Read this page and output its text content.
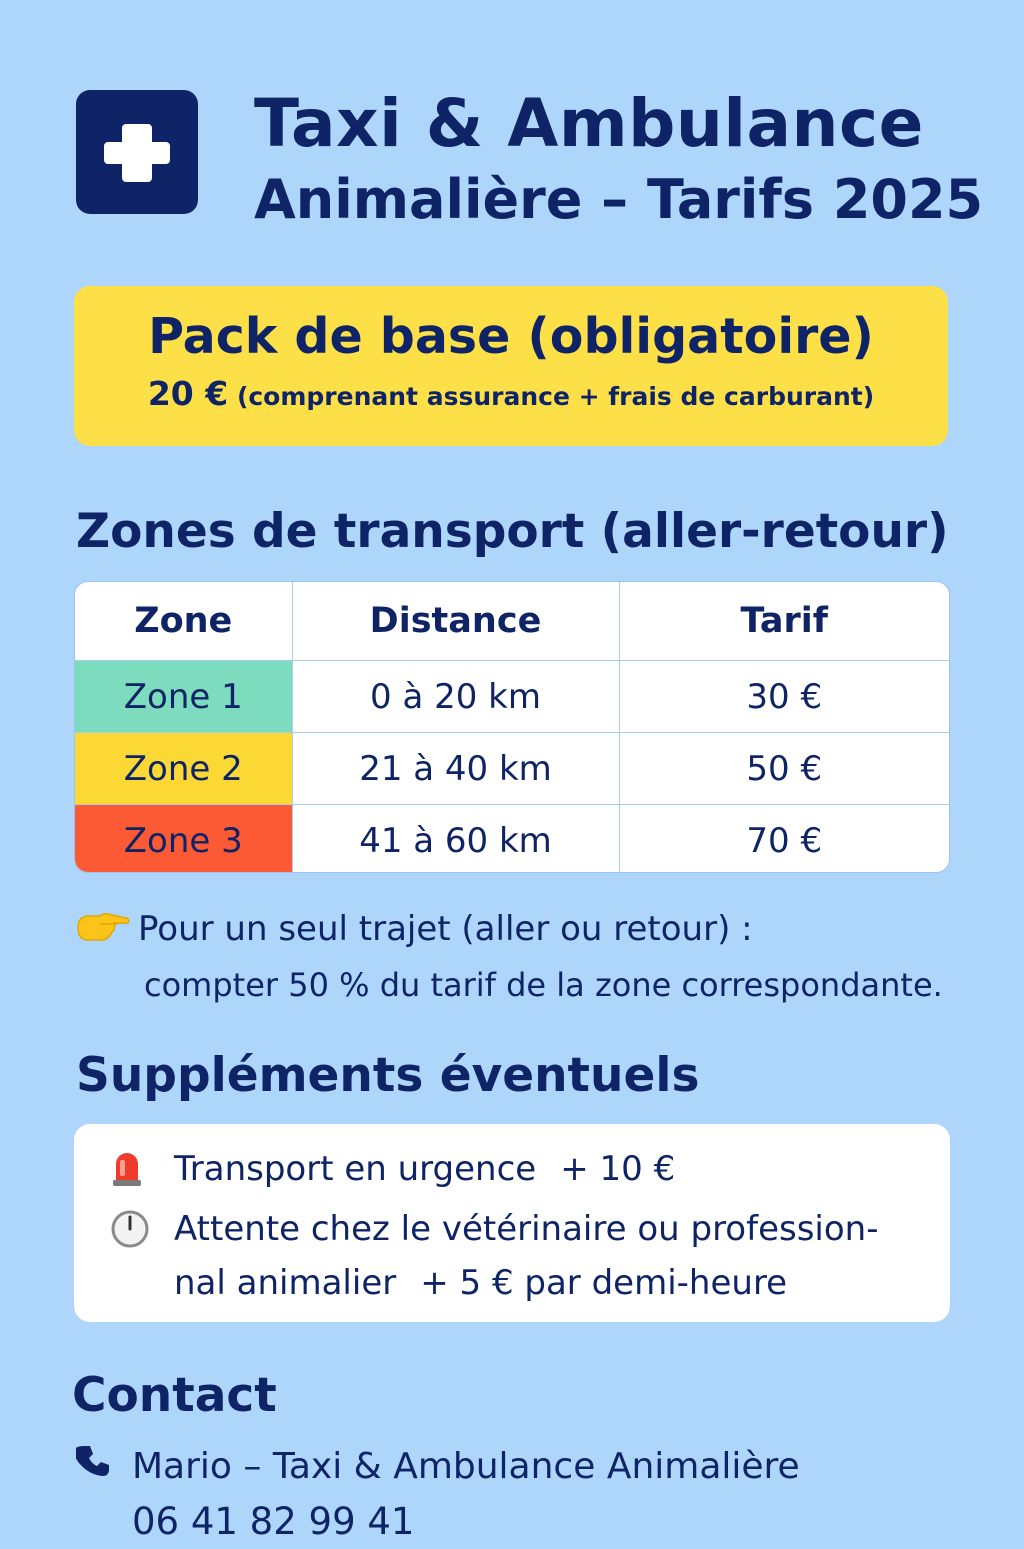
Taxi & Ambulance
Animalière – Tarifs 2025
Pack de base (obligatoire)
20 € (comprenant assurance + frais de carburant)
Zones de transport (aller-retour)
Zone	Distance	Tarif
Zone 1	0 à 20 km	30 €
Zone 2	21 à 40 km	50 €
Zone 3	41 à 60 km	70 €
Pour un seul trajet (aller ou retour) :
compter 50 % du tarif de la zone correspondante.
Suppléments éventuels
Transport en urgence + 10 €
Attente chez le vétérinaire ou profession-nal animalier + 5 € par demi-heure
Contact
Mario – Taxi & Ambulance Animalière
06 41 82 99 41
